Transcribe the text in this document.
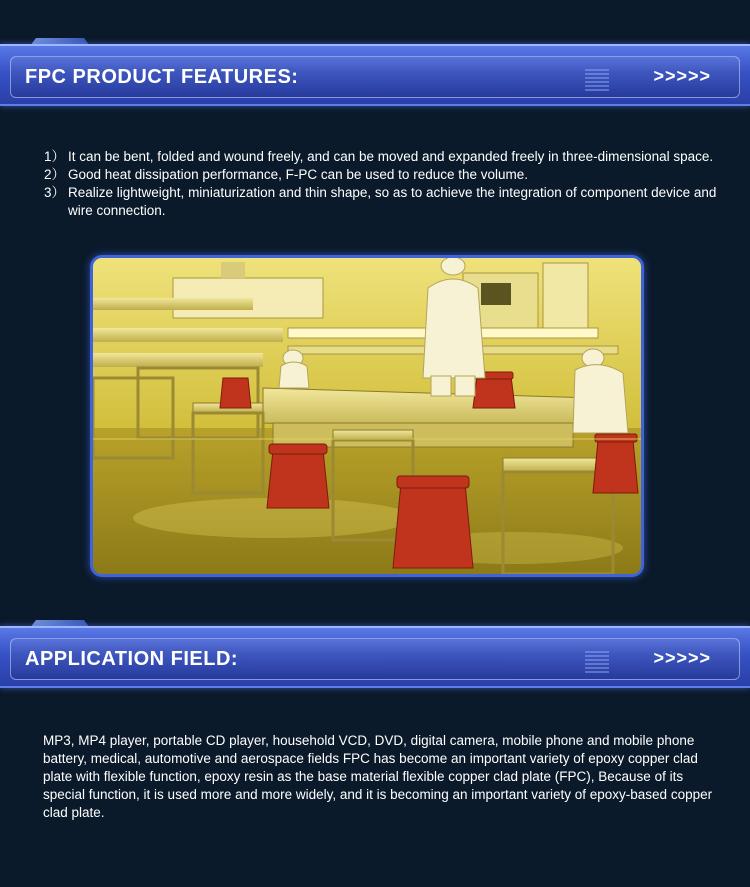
FPC PRODUCT FEATURES:	>>>>>
1） It can be bent, folded and wound freely, and can be moved and expanded freely in three-dimensional space.
2） Good heat dissipation performance, F-PC can be used to reduce the volume.
3） Realize lightweight, miniaturization and thin shape, so as to achieve the integration of component device and wire connection.
APPLICATION FIELD:	>>>>>
MP3, MP4 player, portable CD player, household VCD, DVD, digital camera, mobile phone and mobile phone battery, medical, automotive and aerospace fields FPC has become an important variety of epoxy copper clad plate with flexible function, epoxy resin as the base material flexible copper clad plate (FPC), Because of its special function, it is used more and more widely, and it is becoming an important variety of epoxy-based copper clad plate.
